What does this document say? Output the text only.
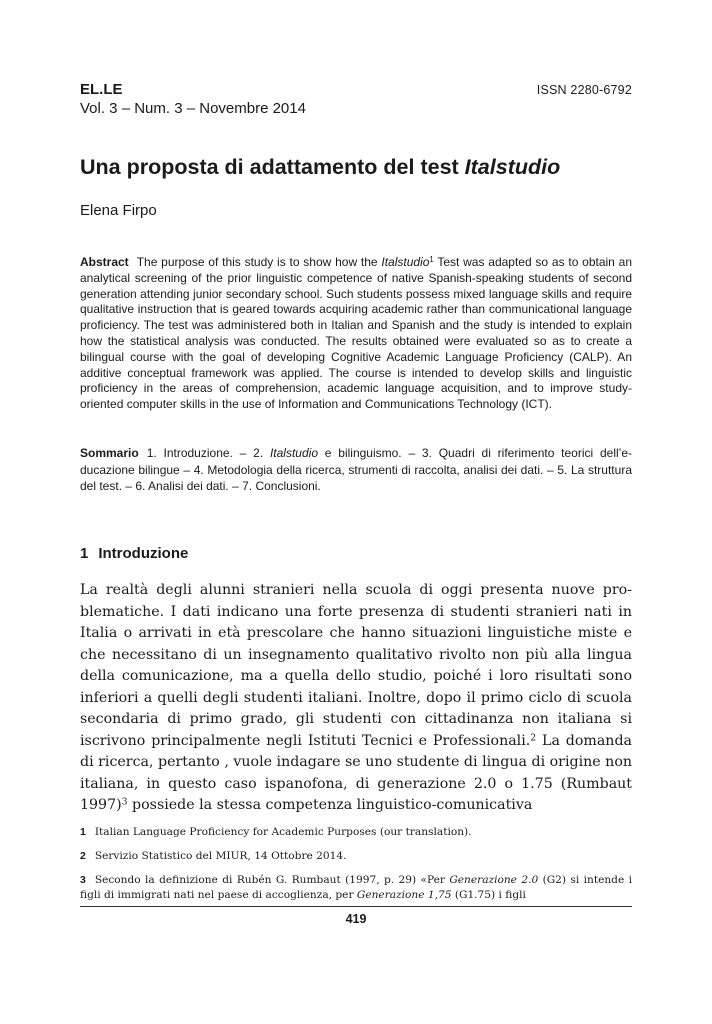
EL.LE
Vol. 3 – Num. 3 – Novembre 2014
ISSN 2280-6792
Una proposta di adattamento del test Italstudio
Elena Firpo
Abstract The purpose of this study is to show how the Italstudio$^1$ Test was adapted so as to obtain an analytical screening of the prior linguistic competence of native Spanish-speaking students of second generation attending junior secondary school. Such students possess mixed language skills and require qualitative instruction that is geared towards acquiring academic rather than communicational language proficiency. The test was administered both in Italian and Spanish and the study is intended to explain how the statistical analysis was conducted. The results obtained were evaluated so as to create a bilingual course with the goal of developing Cognitive Academic Language Proficiency (CALP). An additive conceptual framework was applied. The course is intended to develop skills and linguistic proficiency in the areas of comprehension, academic language acquisition, and to improve study-oriented computer skills in the use of Information and Communications Technology (ICT).
Sommario 1. Introduzione. – 2. Italstudio e bilinguismo. – 3. Quadri di riferimento teorici dell’educazione bilingue – 4. Metodologia della ricerca, strumenti di raccolta, analisi dei dati. – 5. La struttura del test. – 6. Analisi dei dati. – 7. Conclusioni.
1 Introduzione
La realtà degli alunni stranieri nella scuola di oggi presenta nuove problematiche. I dati indicano una forte presenza di studenti stranieri nati in Italia o arrivati in età prescolare che hanno situazioni linguistiche miste e che necessitano di un insegnamento qualitativo rivolto non più alla lingua della comunicazione, ma a quella dello studio, poiché i loro risultati sono inferiori a quelli degli studenti italiani. Inoltre, dopo il primo ciclo di scuola secondaria di primo grado, gli studenti con cittadinanza non italiana si iscrivono principalmente negli Istituti Tecnici e Professionali.$^2$ La domanda di ricerca, pertanto , vuole indagare se uno studente di lingua di origine non italiana, in questo caso ispanofona, di generazione 2.0 o 1.75 (Rumbaut 1997)$^3$ possiede la stessa competenza linguistico-comunicativa
1 Italian Language Proficiency for Academic Purposes (our translation).
2 Servizio Statistico del MIUR, 14 Ottobre 2014.
3 Secondo la definizione di Rubén G. Rumbaut (1997, p. 29) «Per Generazione 2.0 (G2) si intende i figli di immigrati nati nel paese di accoglienza, per Generazione 1,75 (G1.75) i figli
419
